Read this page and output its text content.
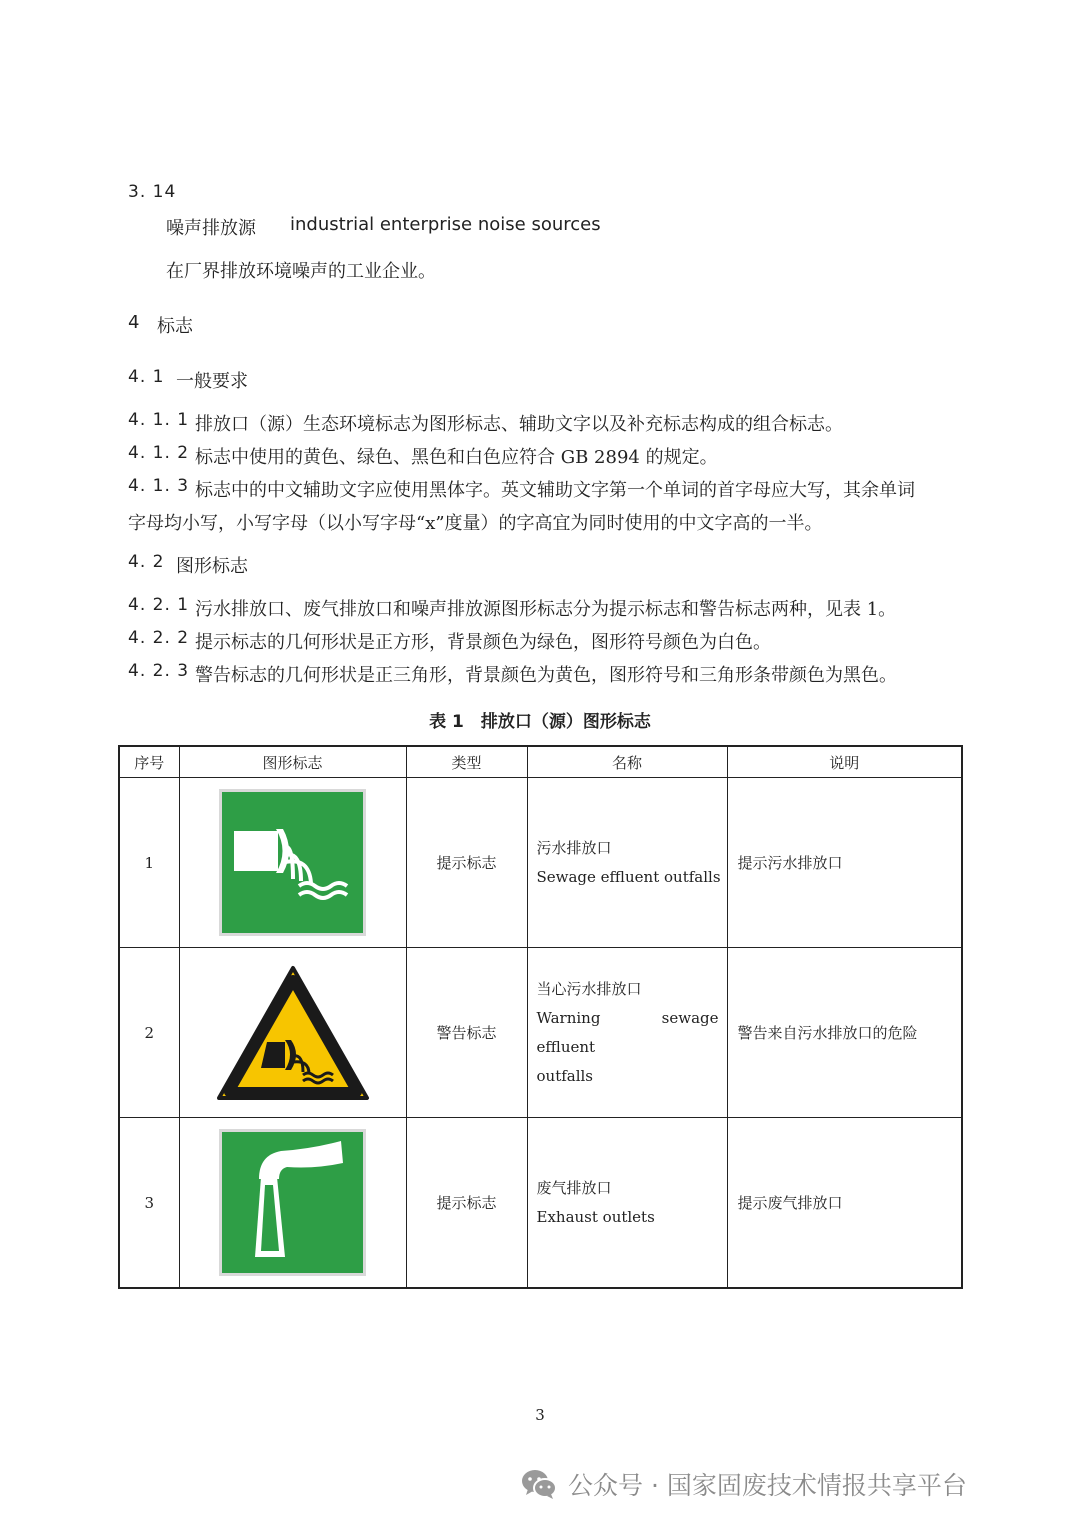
3. 14
噪声排放源 industrial enterprise noise sources
在厂界排放环境噪声的工业企业。
4 标志
4. 1 一般要求
4. 1. 1 排放口（源）生态环境标志为图形标志、辅助文字以及补充标志构成的组合标志。
4. 1. 2 标志中使用的黄色、绿色、黑色和白色应符合 GB 2894 的规定。
4. 1. 3 标志中的中文辅助文字应使用黑体字。英文辅助文字第一个单词的首字母应大写，其余单词
字母均小写，小写字母（以小写字母“x”度量）的字高宜为同时使用的中文字高的一半。
4. 2 图形标志
4. 2. 1 污水排放口、废气排放口和噪声排放源图形标志分为提示标志和警告标志两种，见表 1。
4. 2. 2 提示标志的几何形状是正方形，背景颜色为绿色，图形符号颜色为白色。
4. 2. 3 警告标志的几何形状是正三角形，背景颜色为黄色，图形符号和三角形条带颜色为黑色。
表 1　排放口（源）图形标志
序号	图形标志	类型	名称	说明
1		提示标志	污水排放口
Sewage effluent outfalls	提示污水排放口
2		警告标志	当心污水排放口
Warning sewage effluent
outfalls	警告来自污水排放口的危险
3		提示标志	废气排放口
Exhaust outlets	提示废气排放口
3
公众号 · 国家固废技术情报共享平台
